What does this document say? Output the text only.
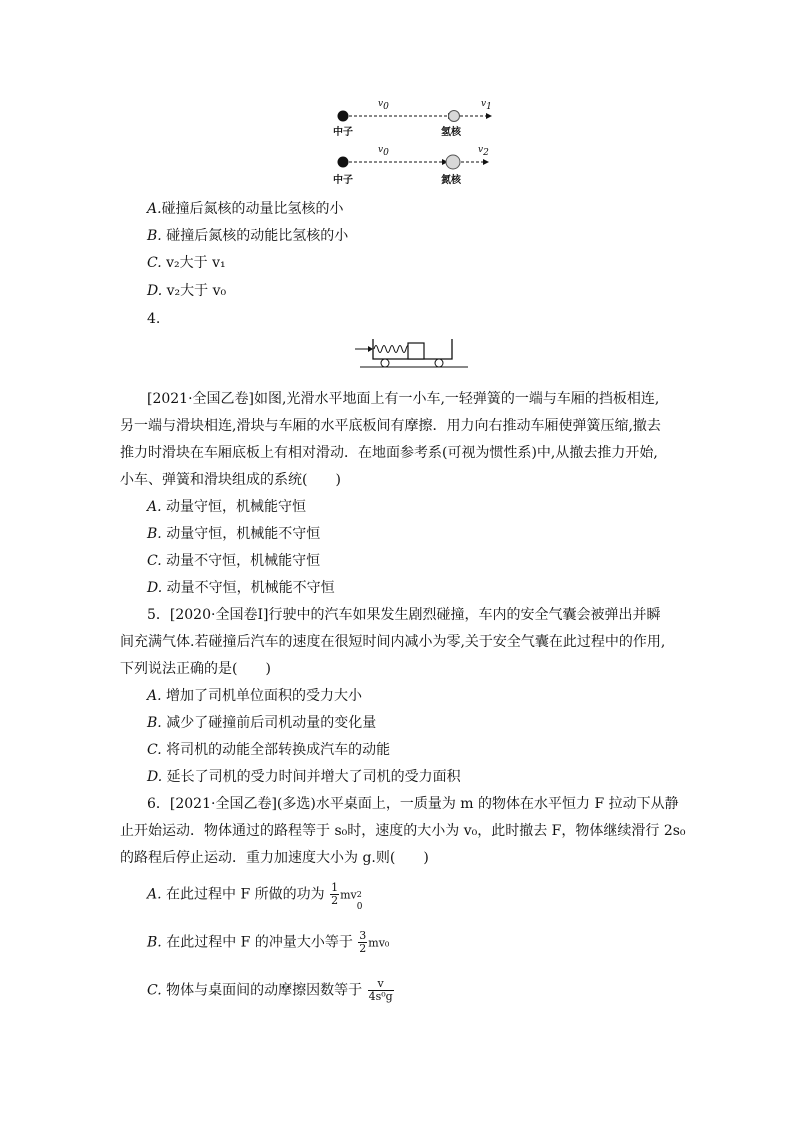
中子	氢核
$v_0$	$v_1$
中子	氮核
$v_0$	$v_2$
A.碰撞后氮核的动量比氢核的小
B. 碰撞后氮核的动能比氢核的小
C. v₂大于 v₁
D. v₂大于 v₀
4.
[2021·全国乙卷]如图,光滑水平地面上有一小车,一轻弹簧的一端与车厢的挡板相连,
另一端与滑块相连,滑块与车厢的水平底板间有摩擦．用力向右推动车厢使弹簧压缩,撤去
推力时滑块在车厢底板上有相对滑动．在地面参考系(可视为惯性系)中,从撤去推力开始,
小车、弹簧和滑块组成的系统(　　)
A. 动量守恒，机械能守恒
B. 动量守恒，机械能不守恒
C. 动量不守恒，机械能守恒
D. 动量不守恒，机械能不守恒
5．[2020·全国卷Ⅰ]行驶中的汽车如果发生剧烈碰撞，车内的安全气囊会被弹出并瞬
间充满气体.若碰撞后汽车的速度在很短时间内减小为零,关于安全气囊在此过程中的作用,
下列说法正确的是(　　)
A. 增加了司机单位面积的受力大小
B. 减少了碰撞前后司机动量的变化量
C. 将司机的动能全部转换成汽车的动能
D. 延长了司机的受力时间并增大了司机的受力面积
6．[2021·全国乙卷](多选)水平桌面上，一质量为 m 的物体在水平恒力 F 拉动下从静
止开始运动．物体通过的路程等于 s₀时，速度的大小为 v₀，此时撤去 F，物体继续滑行 2s₀
的路程后停止运动．重力加速度大小为 g.则(　　)
A. 在此过程中 F 所做的功为 $\frac{1}{2}$ mv 2
0
B. 在此过程中 F 的冲量大小等于 $\frac{3}{2} mv_0$
C. 物体与桌面间的动摩擦因数等于 $\frac{v}{\text{4s⁰g}}$
